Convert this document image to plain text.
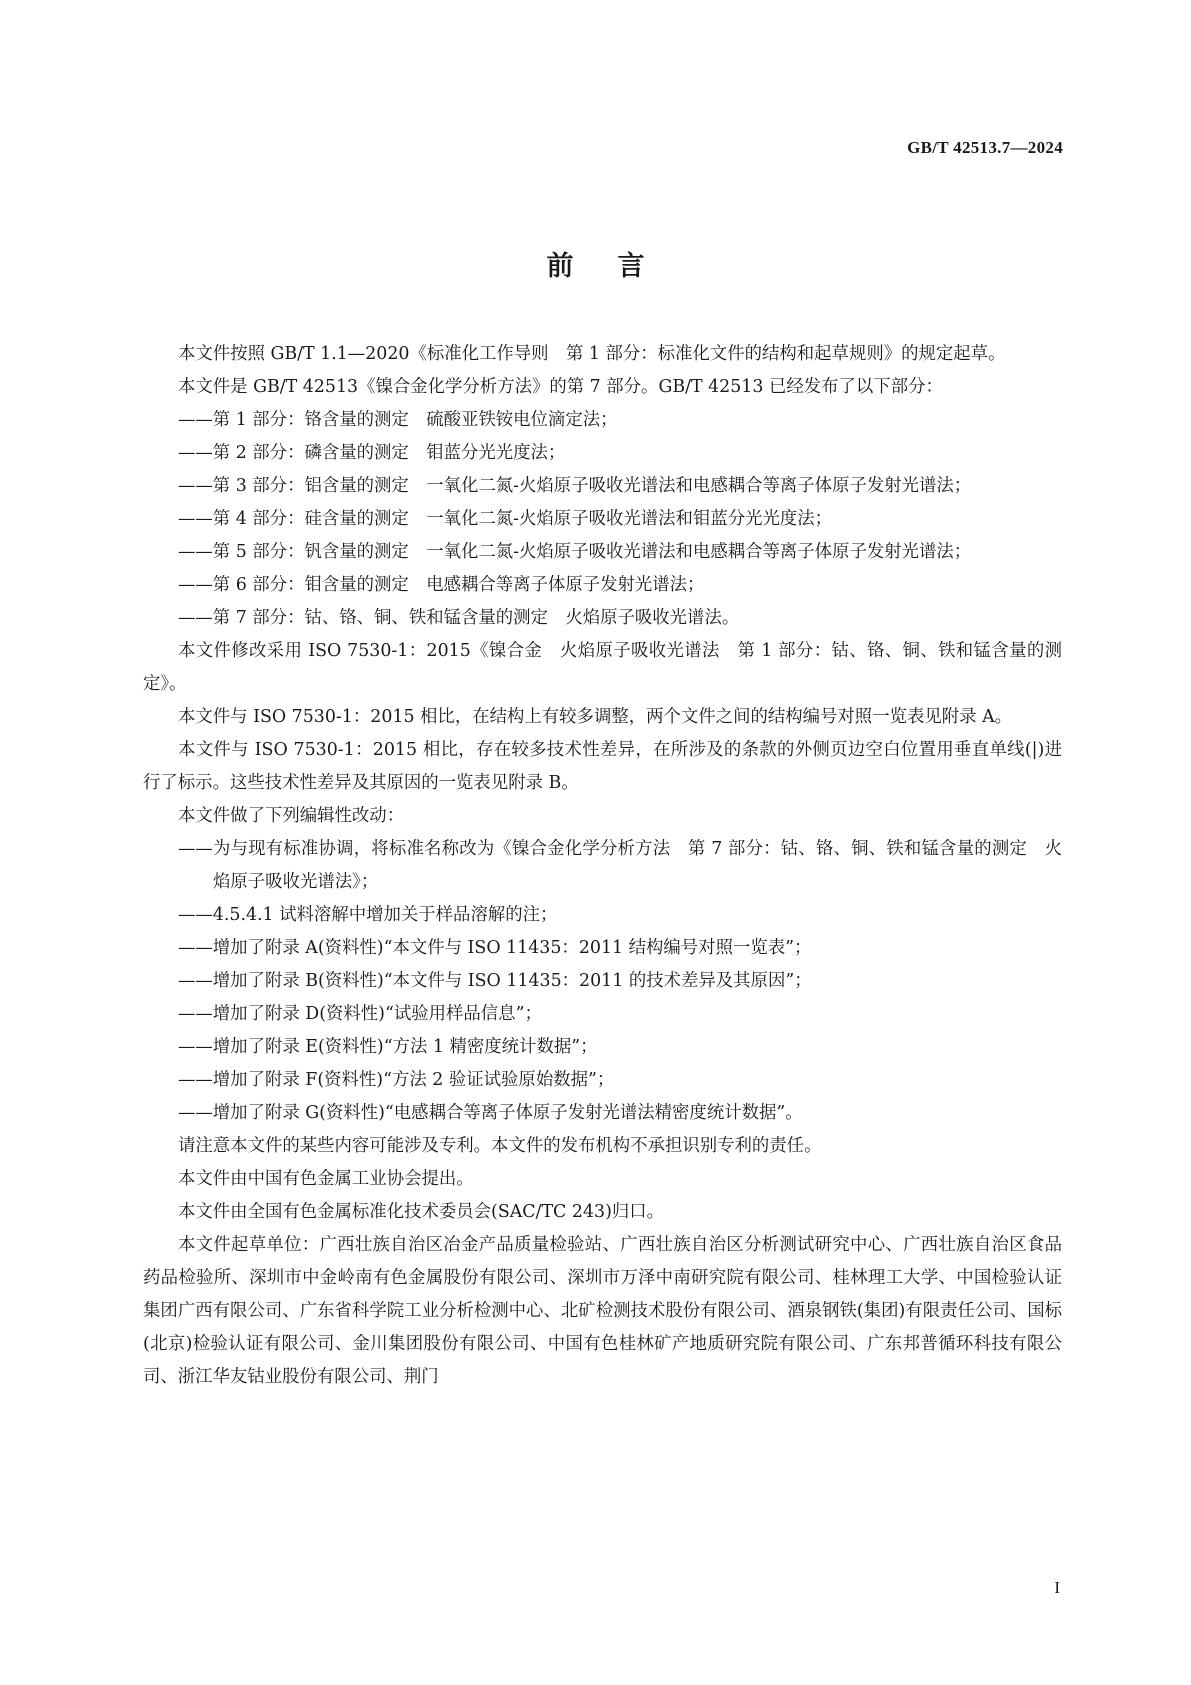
GB/T 42513.7—2024
前言

本文件按照 GB/T 1.1—2020《标准化工作导则　第 1 部分：标准化文件的结构和起草规则》的规定起草。

本文件是 GB/T 42513《镍合金化学分析方法》的第 7 部分。GB/T 42513 已经发布了以下部分：

——第 1 部分：铬含量的测定　硫酸亚铁铵电位滴定法；

——第 2 部分：磷含量的测定　钼蓝分光光度法；

——第 3 部分：铝含量的测定　一氧化二氮-火焰原子吸收光谱法和电感耦合等离子体原子发射光谱法；

——第 4 部分：硅含量的测定　一氧化二氮-火焰原子吸收光谱法和钼蓝分光光度法；

——第 5 部分：钒含量的测定　一氧化二氮-火焰原子吸收光谱法和电感耦合等离子体原子发射光谱法；

——第 6 部分：钼含量的测定　电感耦合等离子体原子发射光谱法；

——第 7 部分：钴、铬、铜、铁和锰含量的测定　火焰原子吸收光谱法。

本文件修改采用 ISO 7530-1：2015《镍合金　火焰原子吸收光谱法　第 1 部分：钴、铬、铜、铁和锰含量的测定》。

本文件与 ISO 7530-1：2015 相比，在结构上有较多调整，两个文件之间的结构编号对照一览表见附录 A。

本文件与 ISO 7530-1：2015 相比，存在较多技术性差异，在所涉及的条款的外侧页边空白位置用垂直单线(|)进行了标示。这些技术性差异及其原因的一览表见附录 B。

本文件做了下列编辑性改动：

——为与现有标准协调，将标准名称改为《镍合金化学分析方法　第 7 部分：钴、铬、铜、铁和锰含量的测定　火焰原子吸收光谱法》；

——4.5.4.1 试料溶解中增加关于样品溶解的注；

——增加了附录 A(资料性)“本文件与 ISO 11435：2011 结构编号对照一览表”；

——增加了附录 B(资料性)“本文件与 ISO 11435：2011 的技术差异及其原因”；

——增加了附录 D(资料性)“试验用样品信息”；

——增加了附录 E(资料性)“方法 1 精密度统计数据”；

——增加了附录 F(资料性)“方法 2 验证试验原始数据”；

——增加了附录 G(资料性)“电感耦合等离子体原子发射光谱法精密度统计数据”。

请注意本文件的某些内容可能涉及专利。本文件的发布机构不承担识别专利的责任。

本文件由中国有色金属工业协会提出。

本文件由全国有色金属标准化技术委员会(SAC/TC 243)归口。

本文件起草单位：广西壮族自治区冶金产品质量检验站、广西壮族自治区分析测试研究中心、广西壮族自治区食品药品检验所、深圳市中金岭南有色金属股份有限公司、深圳市万泽中南研究院有限公司、桂林理工大学、中国检验认证集团广西有限公司、广东省科学院工业分析检测中心、北矿检测技术股份有限公司、酒泉钢铁(集团)有限责任公司、国标(北京)检验认证有限公司、金川集团股份有限公司、中国有色桂林矿产地质研究院有限公司、广东邦普循环科技有限公司、浙江华友钴业股份有限公司、荆门

I
